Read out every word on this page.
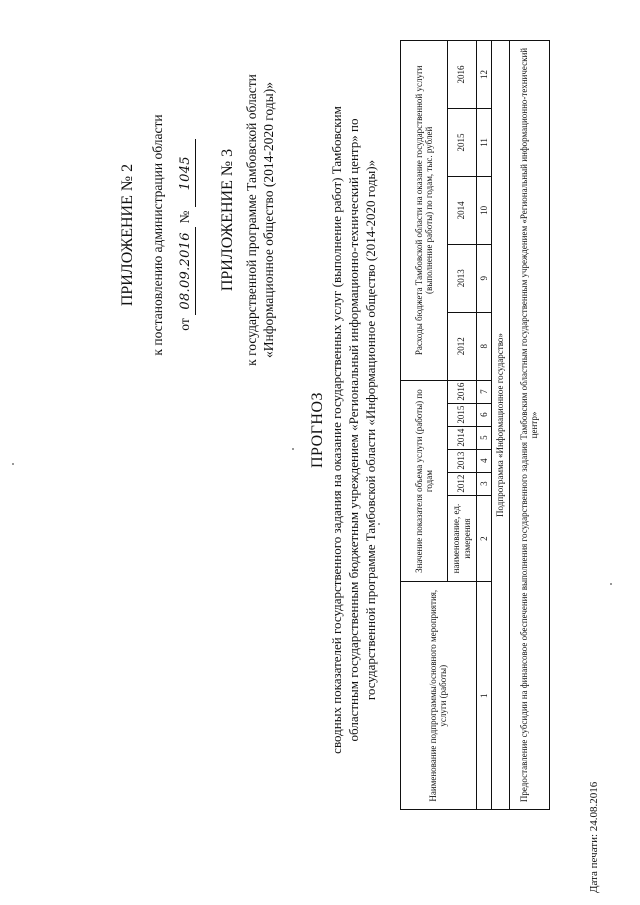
ПРИЛОЖЕНИЕ № 2 к постановлению администрации области от 08.09.2016 № 1045 ПРИЛОЖЕНИЕ № 3 к государственной программе Тамбовской области «Информационное общество (2014-2020 годы)»
ПРОГНОЗ сводных показателей государственного задания на оказание государственных услуг (выполнение работ) Тамбовским областным государственным бюджетным учреждением «Региональный информационно-технический центр» по государственной программе Тамбовской области «Информационное общество (2014-2020 годы)»	Наименование подпрограммы/основного мероприятия, услуги (работы)	Значение показателя объема услуги (работы) по годам						Расходы бюджета Тамбовской области на оказание государственной услуги (выполнение работы) по годам, тыс. рублей				
	наименование, ед. измерения	2012	2013	2014	2015	2016	2012	2013	2014	2015	2016
1	2	3	4	5	6	7	8	9	10	11	12
Подпрограмма «Информационное государство»											
Предоставление субсидии на финансовое обеспечение выполнения государственного задания Тамбовским областным государственным учреждением «Региональный информационно-технический центр»											
Дата печати: 24.08.2016
